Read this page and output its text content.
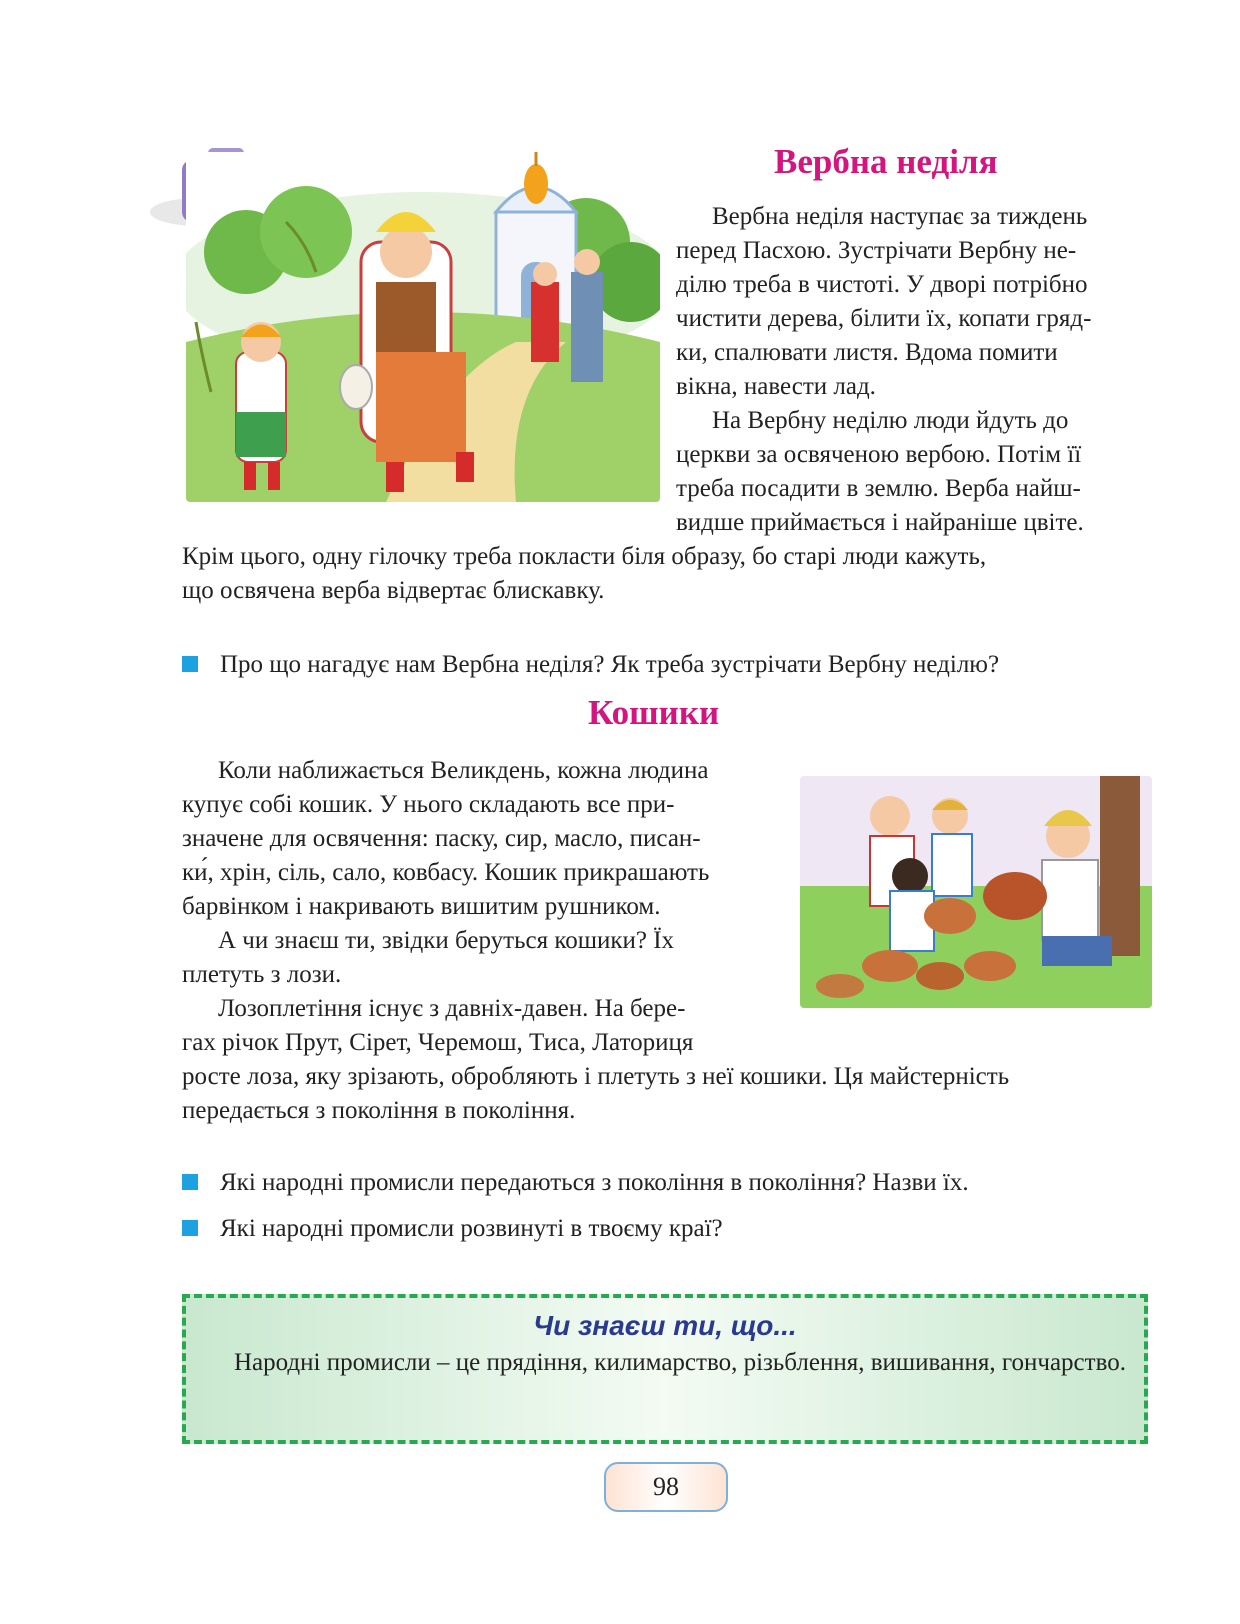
Вербна неділя

Вербна неділя наступає за тиждень

перед Пасхою. Зустрічати Вербну не-

ділю треба в чистоті. У дворі потрібно

чистити дерева, білити їх, копати гряд-

ки, спалювати листя. Вдома помити

вікна, навести лад.

На Вербну неділю люди йдуть до

церкви за освяченою вербою. Потім її

треба посадити в землю. Верба найш-

видше приймається і найраніше цвіте.

Крім цього, одну гілочку треба покласти біля образу, бо старі люди кажуть,

що освячена верба відвертає блискавку.

Про що нагадує нам Вербна неділя? Як треба зустрічати Вербну неділю?
Кошики

Коли наближається Великдень, кожна людина

купує собі кошик. У нього складають все при-

значене для освячення: паску, сир, масло, писан-

ки́, хрін, сіль, сало, ковбасу. Кошик прикрашають

барвінком і накривають вишитим рушником.

А чи знаєш ти, звідки беруться кошики? Їх

плетуть з лози.

Лозоплетіння існує з давніх-давен. На бере-

гах річок Прут, Сірет, Черемош, Тиса, Латориця

росте лоза, яку зрізають, обробляють і плетуть з неї кошики. Ця майстерність

передається з покоління в покоління.

Які народні промисли передаються з покоління в покоління? Назви їх.
Які народні промисли розвинуті в твоєму краї?
Чи знаєш ти, що...

Народні промисли – це прядіння, килимарство, різьблення, вишивання, гончарство.

98
